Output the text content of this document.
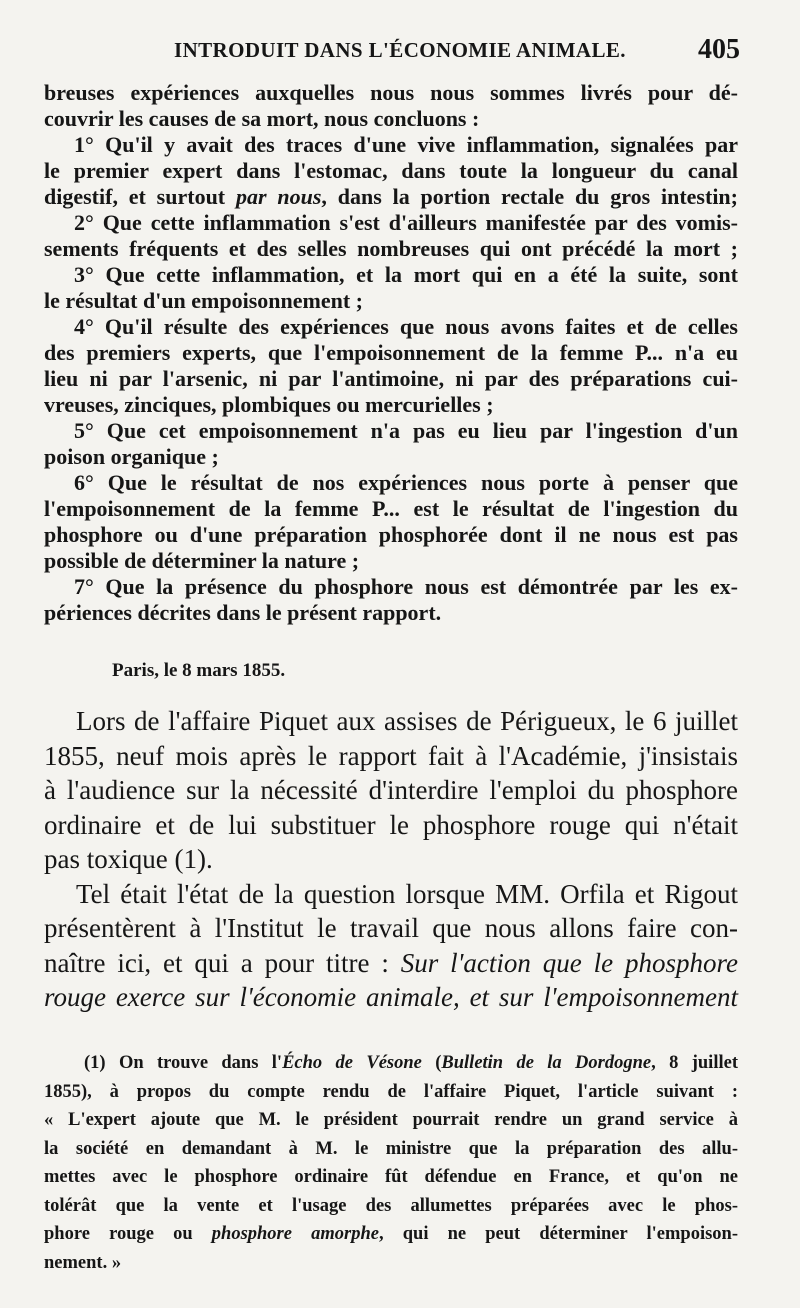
INTRODUIT DANS L'ÉCONOMIE ANIMALE.	405
breuses expériences auxquelles nous nous sommes livrés pour dé-
couvrir les causes de sa mort, nous concluons :
1° Qu'il y avait des traces d'une vive inflammation, signalées par
le premier expert dans l'estomac, dans toute la longueur du canal
digestif, et surtout par nous, dans la portion rectale du gros intestin;
2° Que cette inflammation s'est d'ailleurs manifestée par des vomis-
sements fréquents et des selles nombreuses qui ont précédé la mort ;
3° Que cette inflammation, et la mort qui en a été la suite, sont
le résultat d'un empoisonnement ;
4° Qu'il résulte des expériences que nous avons faites et de celles
des premiers experts, que l'empoisonnement de la femme P... n'a eu
lieu ni par l'arsenic, ni par l'antimoine, ni par des préparations cui-
vreuses, zinciques, plombiques ou mercurielles ;
5° Que cet empoisonnement n'a pas eu lieu par l'ingestion d'un
poison organique ;
6° Que le résultat de nos expériences nous porte à penser que
l'empoisonnement de la femme P... est le résultat de l'ingestion du
phosphore ou d'une préparation phosphorée dont il ne nous est pas
possible de déterminer la nature ;
7° Que la présence du phosphore nous est démontrée par les ex-
périences décrites dans le présent rapport.
Paris, le 8 mars 1855.
Lors de l'affaire Piquet aux assises de Périgueux, le 6 juillet
1855, neuf mois après le rapport fait à l'Académie, j'insistais
à l'audience sur la nécessité d'interdire l'emploi du phosphore
ordinaire et de lui substituer le phosphore rouge qui n'était
pas toxique (1).
Tel était l'état de la question lorsque MM. Orfila et Rigout
présentèrent à l'Institut le travail que nous allons faire con-
naître ici, et qui a pour titre : Sur l'action que le phosphore
rouge exerce sur l'économie animale, et sur l'empoisonnement
(1) On trouve dans l'Écho de Vésone (Bulletin de la Dordogne, 8 juillet
1855), à propos du compte rendu de l'affaire Piquet, l'article suivant :
« L'expert ajoute que M. le président pourrait rendre un grand service à
la société en demandant à M. le ministre que la préparation des allu-
mettes avec le phosphore ordinaire fût défendue en France, et qu'on ne
tolérât que la vente et l'usage des allumettes préparées avec le phos-
phore rouge ou phosphore amorphe, qui ne peut déterminer l'empoison-
nement. »
